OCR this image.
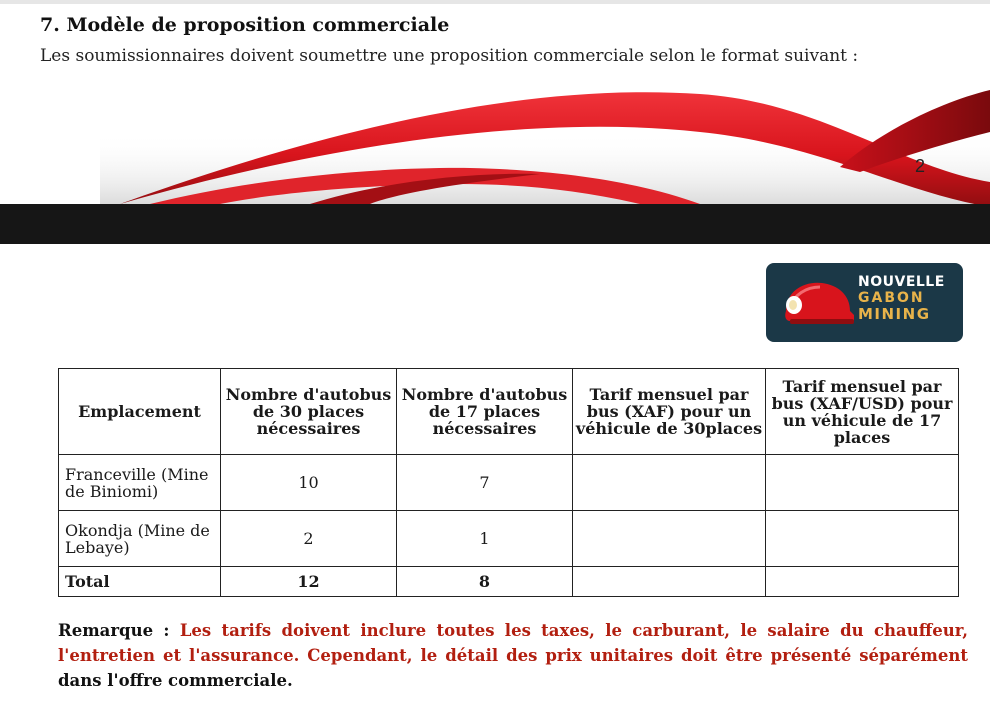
7. Modèle de proposition commerciale
Les soumissionnaires doivent soumettre une proposition commerciale selon le format suivant :
2
NOUVELLE
GABON
MINING
Emplacement	Nombre d'autobus de 30 places nécessaires	Nombre d'autobus de 17 places nécessaires	Tarif mensuel par bus (XAF) pour un véhicule de 30places	Tarif mensuel par bus (XAF/USD) pour un véhicule de 17 places
Franceville (Mine de Biniomi)	10	7		
Okondja (Mine de Lebaye)	2	1		
Total	12	8		
Remarque : Les tarifs doivent inclure toutes les taxes, le carburant, le salaire du chauffeur, l'entretien et l'assurance. Cependant, le détail des prix unitaires doit être présenté séparément dans l'offre commerciale.
